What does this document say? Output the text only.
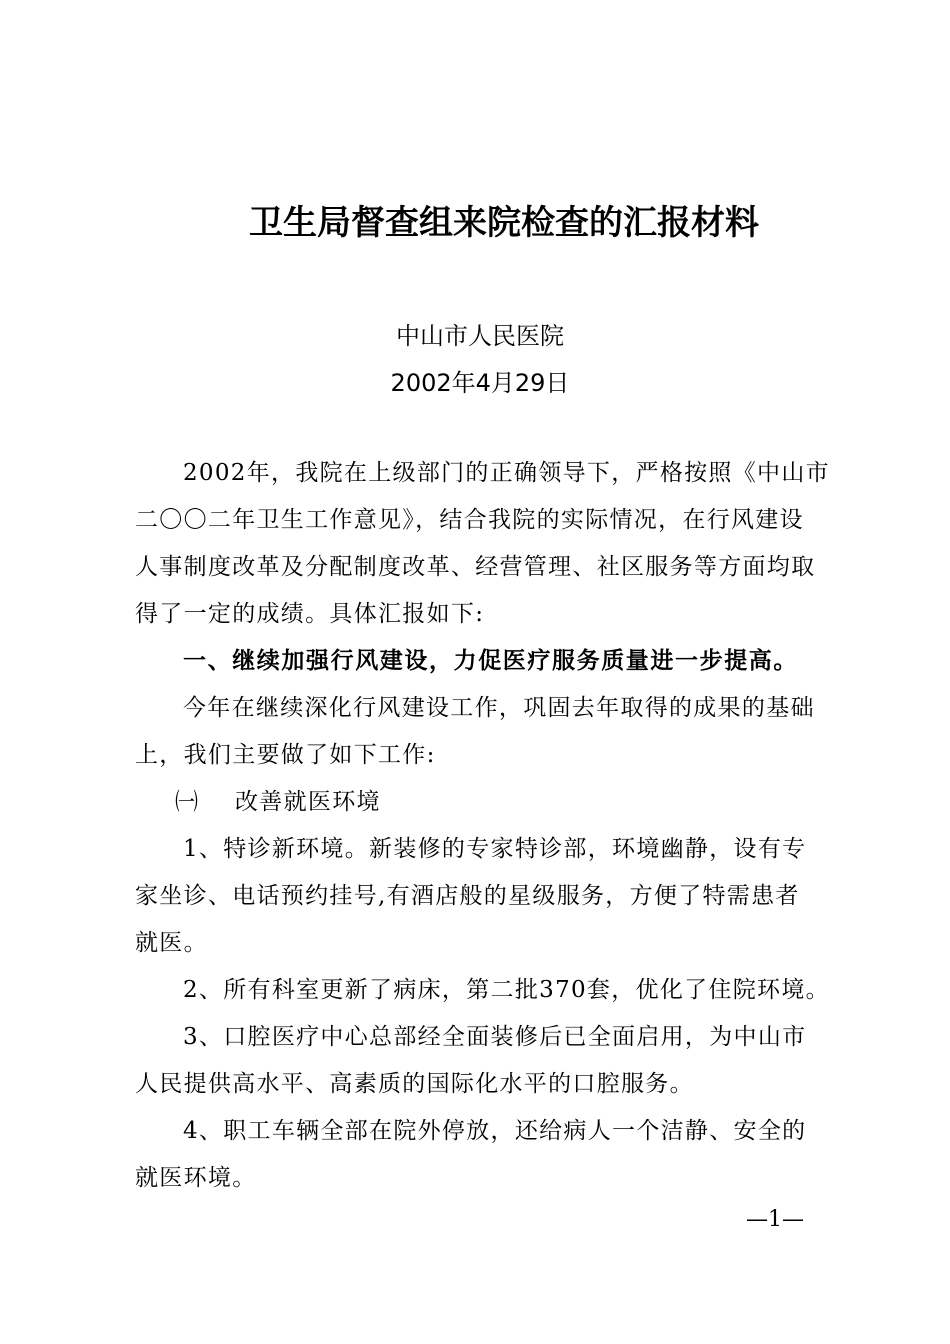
卫生局督查组来院检查的汇报材料
中山市人民医院
2002年4月29日
2002年，我院在上级部门的正确领导下，严格按照《中山市
二〇〇二年卫生工作意见》，结合我院的实际情况，在行风建设
人事制度改革及分配制度改革、经营管理、社区服务等方面均取
得了一定的成绩。具体汇报如下:
一、继续加强行风建设，力促医疗服务质量进一步提高。
今年在继续深化行风建设工作，巩固去年取得的成果的基础
上，我们主要做了如下工作:
㈠ 改善就医环境
1、特诊新环境。新装修的专家特诊部，环境幽静，设有专
家坐诊、电话预约挂号,有酒店般的星级服务，方便了特需患者
就医。
2、所有科室更新了病床，第二批370套，优化了住院环境。
3、口腔医疗中心总部经全面装修后已全面启用，为中山市
人民提供高水平、高素质的国际化水平的口腔服务。
4、职工车辆全部在院外停放，还给病人一个洁静、安全的
就医环境。
—1—
